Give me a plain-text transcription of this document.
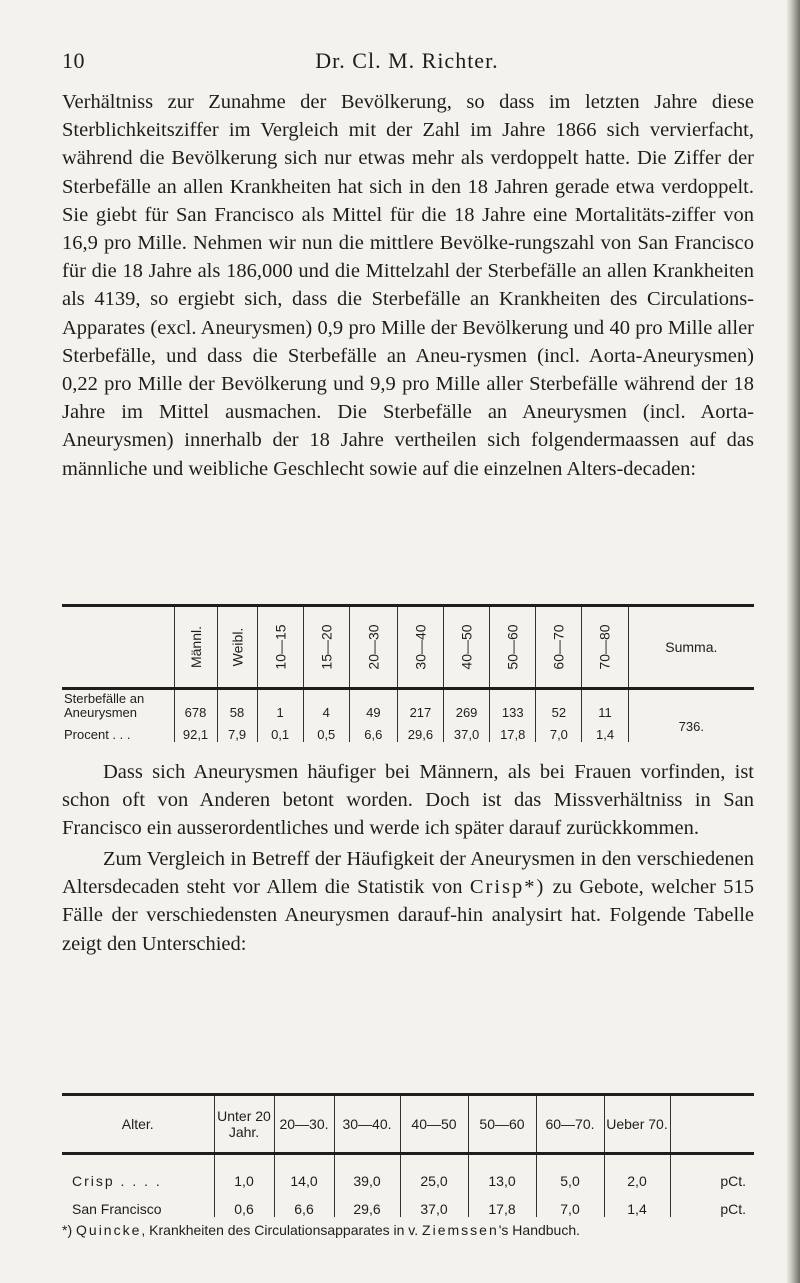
10	Dr. Cl. M. Richter.
Verhältniss zur Zunahme der Bevölkerung, so dass im letzten Jahre diese Sterblichkeitsziffer im Vergleich mit der Zahl im Jahre 1866 sich vervierfacht, während die Bevölkerung sich nur etwas mehr als verdoppelt hatte. Die Ziffer der Sterbefälle an allen Krankheiten hat sich in den 18 Jahren gerade etwa verdoppelt. Sie giebt für San Francisco als Mittel für die 18 Jahre eine Mortalitäts-ziffer von 16,9 pro Mille. Nehmen wir nun die mittlere Bevölke-rungszahl von San Francisco für die 18 Jahre als 186,000 und die Mittelzahl der Sterbefälle an allen Krankheiten als 4139, so ergiebt sich, dass die Sterbefälle an Krankheiten des Circulations-Apparates (excl. Aneurysmen) 0,9 pro Mille der Bevölkerung und 40 pro Mille aller Sterbefälle, und dass die Sterbefälle an Aneu-rysmen (incl. Aorta-Aneurysmen) 0,22 pro Mille der Bevölkerung und 9,9 pro Mille aller Sterbefälle während der 18 Jahre im Mittel ausmachen. Die Sterbefälle an Aneurysmen (incl. Aorta-Aneurysmen) innerhalb der 18 Jahre vertheilen sich folgendermaassen auf das männliche und weibliche Geschlecht sowie auf die einzelnen Alters-decaden:
	Männl.	Weibl.	10—15	15—20	20—30	30—40	40—50	50—60	60—70	70—80	Summa.
Sterbefälle an Aneurysmen	678	58	1	4	49	217	269	133	52	11	736.
Procent . . .	92,1	7,9	0,1	0,5	6,6	29,6	37,0	17,8	7,0	1,4	
Dass sich Aneurysmen häufiger bei Männern, als bei Frauen vorfinden, ist schon oft von Anderen betont worden. Doch ist das Missverhältniss in San Francisco ein ausserordentliches und werde ich später darauf zurückkommen.
Zum Vergleich in Betreff der Häufigkeit der Aneurysmen in den verschiedenen Altersdecaden steht vor Allem die Statistik von Crisp*) zu Gebote, welcher 515 Fälle der verschiedensten Aneurysmen darauf-hin analysirt hat. Folgende Tabelle zeigt den Unterschied:
Alter.	Unter 20 Jahr.	20—30.	30—40.	40—50	50—60	60—70.	Ueber 70.	
Crisp . . . .	1,0	14,0	39,0	25,0	13,0	5,0	2,0	pCt.
San Francisco	0,6	6,6	29,6	37,0	17,8	7,0	1,4	pCt.
*) Quincke, Krankheiten des Circulationsapparates in v. Ziemssen's Handbuch.
